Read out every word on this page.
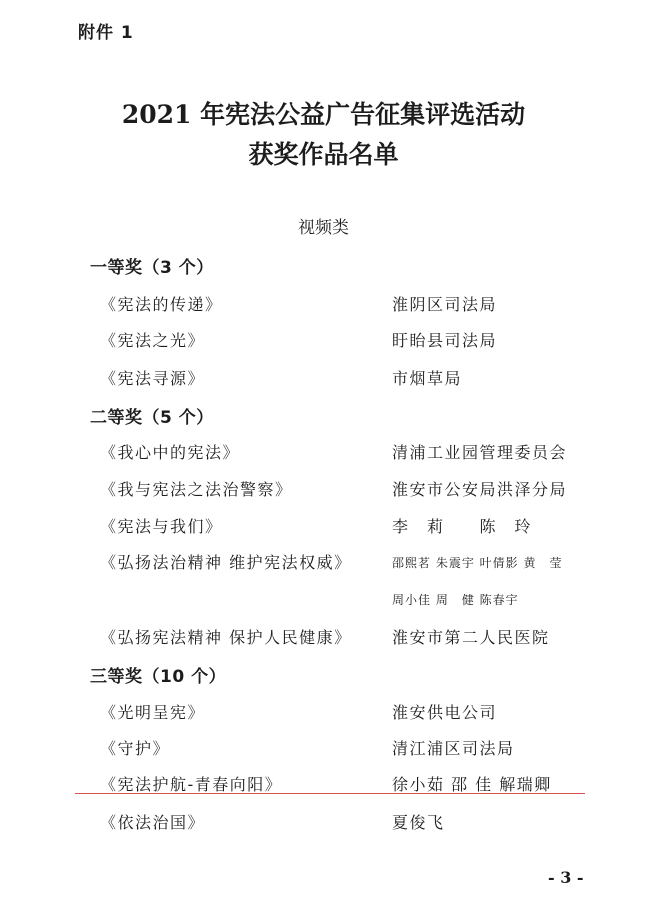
附件 1
2021 年宪法公益广告征集评选活动
获奖作品名单
视频类
一等奖（3 个）
《宪法的传递》	淮阴区司法局
《宪法之光》	盱眙县司法局
《宪法寻源》	市烟草局
二等奖（5 个）
《我心中的宪法》	清浦工业园管理委员会
《我与宪法之法治警察》	淮安市公安局洪泽分局
《宪法与我们》	李　莉　　陈　玲
《弘扬法治精神 维护宪法权威》	邵熙茗 朱震宇 叶倩影 黄　莹
周小佳 周　健 陈春宇
《弘扬宪法精神 保护人民健康》	淮安市第二人民医院
三等奖（10 个）
《光明呈宪》	淮安供电公司
《守护》	清江浦区司法局
《宪法护航-青春向阳》	徐小茹 邵 佳 解瑞卿
《依法治国》	夏俊飞
- 3 -
